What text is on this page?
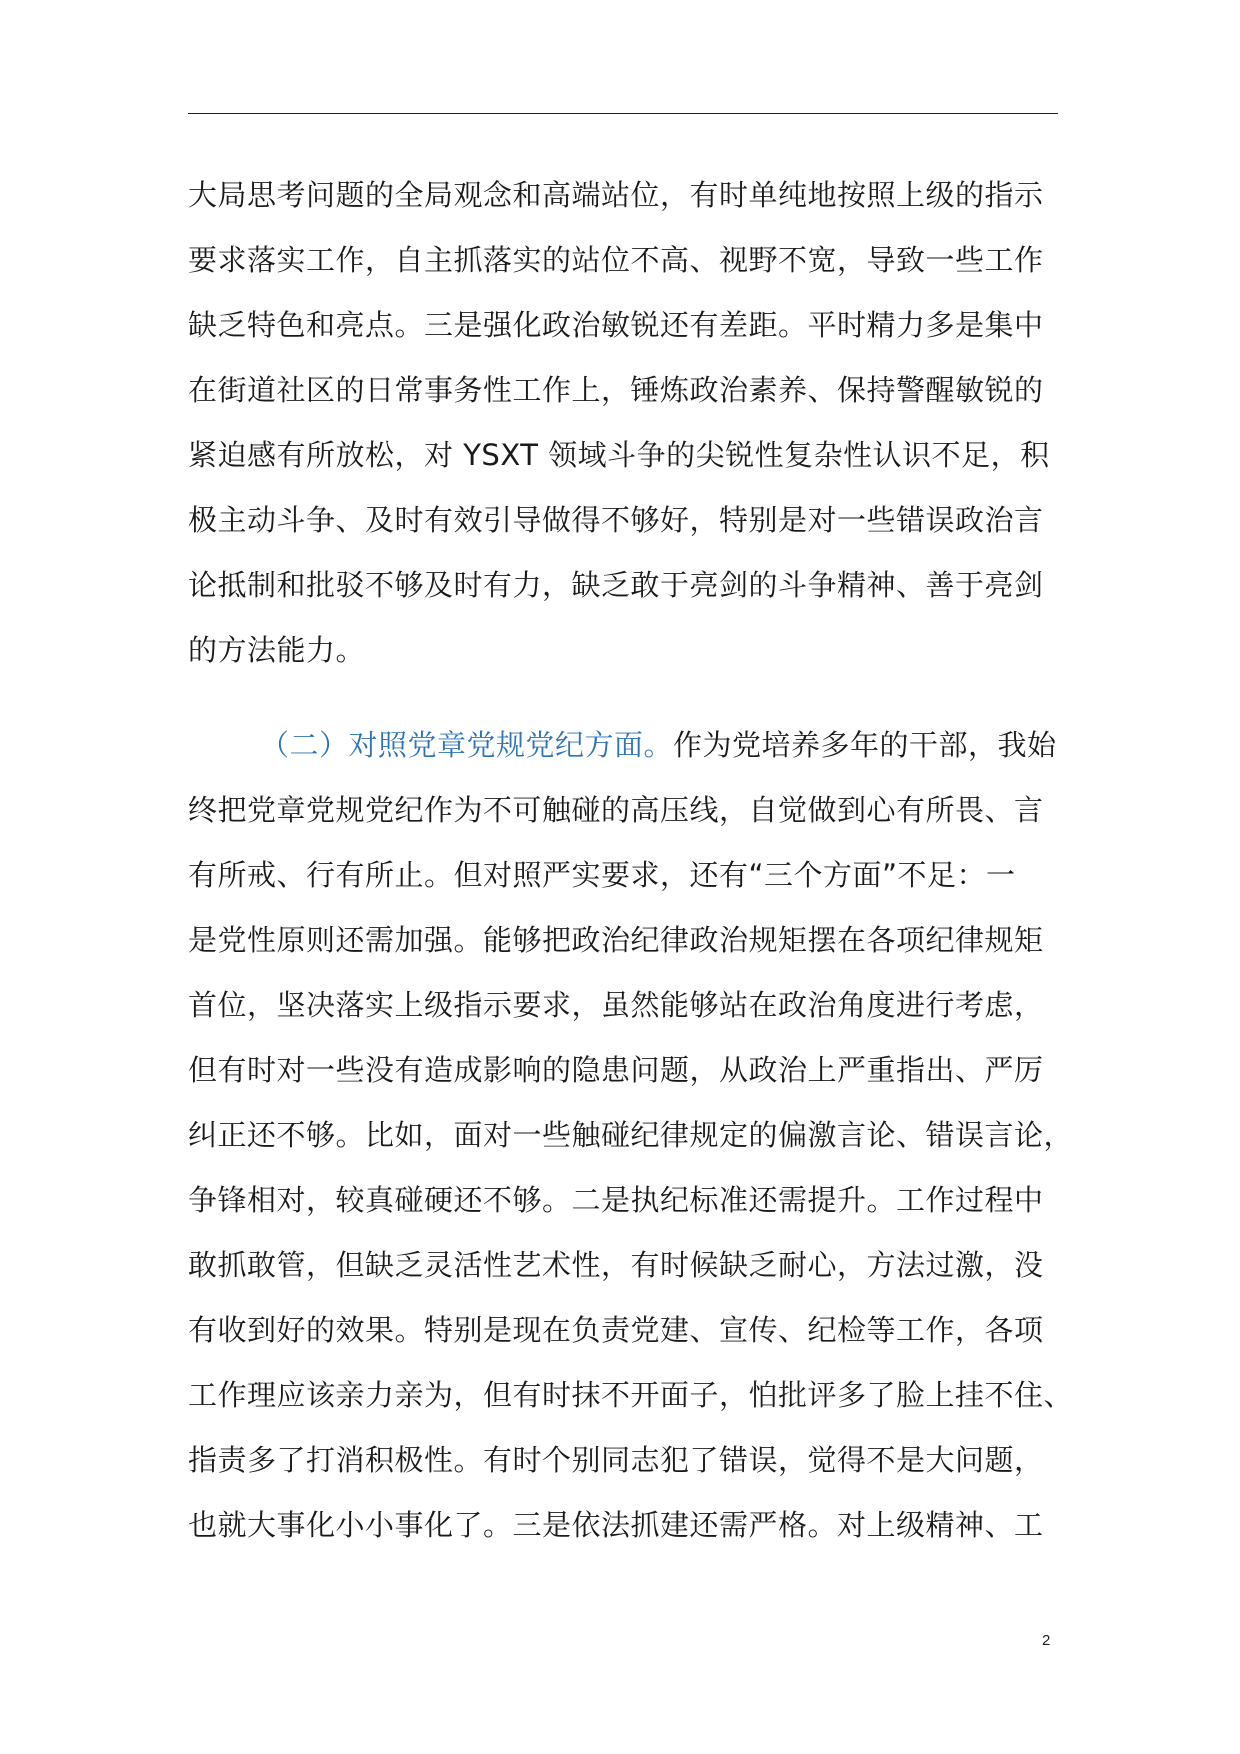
大局思考问题的全局观念和高端站位，有时单纯地按照上级的指示
要求落实工作，自主抓落实的站位不高、视野不宽，导致一些工作
缺乏特色和亮点。三是强化政治敏锐还有差距。平时精力多是集中
在街道社区的日常事务性工作上，锤炼政治素养、保持警醒敏锐的
紧迫感有所放松，对 YSXT 领域斗争的尖锐性复杂性认识不足，积
极主动斗争、及时有效引导做得不够好，特别是对一些错误政治言
论抵制和批驳不够及时有力，缺乏敢于亮剑的斗争精神、善于亮剑
的方法能力。
（二）对照党章党规党纪方面。作为党培养多年的干部，我始
终把党章党规党纪作为不可触碰的高压线，自觉做到心有所畏、言
有所戒、行有所止。但对照严实要求，还有“三个方面”不足：一
是党性原则还需加强。能够把政治纪律政治规矩摆在各项纪律规矩
首位，坚决落实上级指示要求，虽然能够站在政治角度进行考虑，
但有时对一些没有造成影响的隐患问题，从政治上严重指出、严厉
纠正还不够。比如，面对一些触碰纪律规定的偏激言论、错误言论，
争锋相对，较真碰硬还不够。二是执纪标准还需提升。工作过程中
敢抓敢管，但缺乏灵活性艺术性，有时候缺乏耐心，方法过激，没
有收到好的效果。特别是现在负责党建、宣传、纪检等工作，各项
工作理应该亲力亲为，但有时抹不开面子，怕批评多了脸上挂不住、
指责多了打消积极性。有时个别同志犯了错误，觉得不是大问题，
也就大事化小小事化了。三是依法抓建还需严格。对上级精神、工
2
